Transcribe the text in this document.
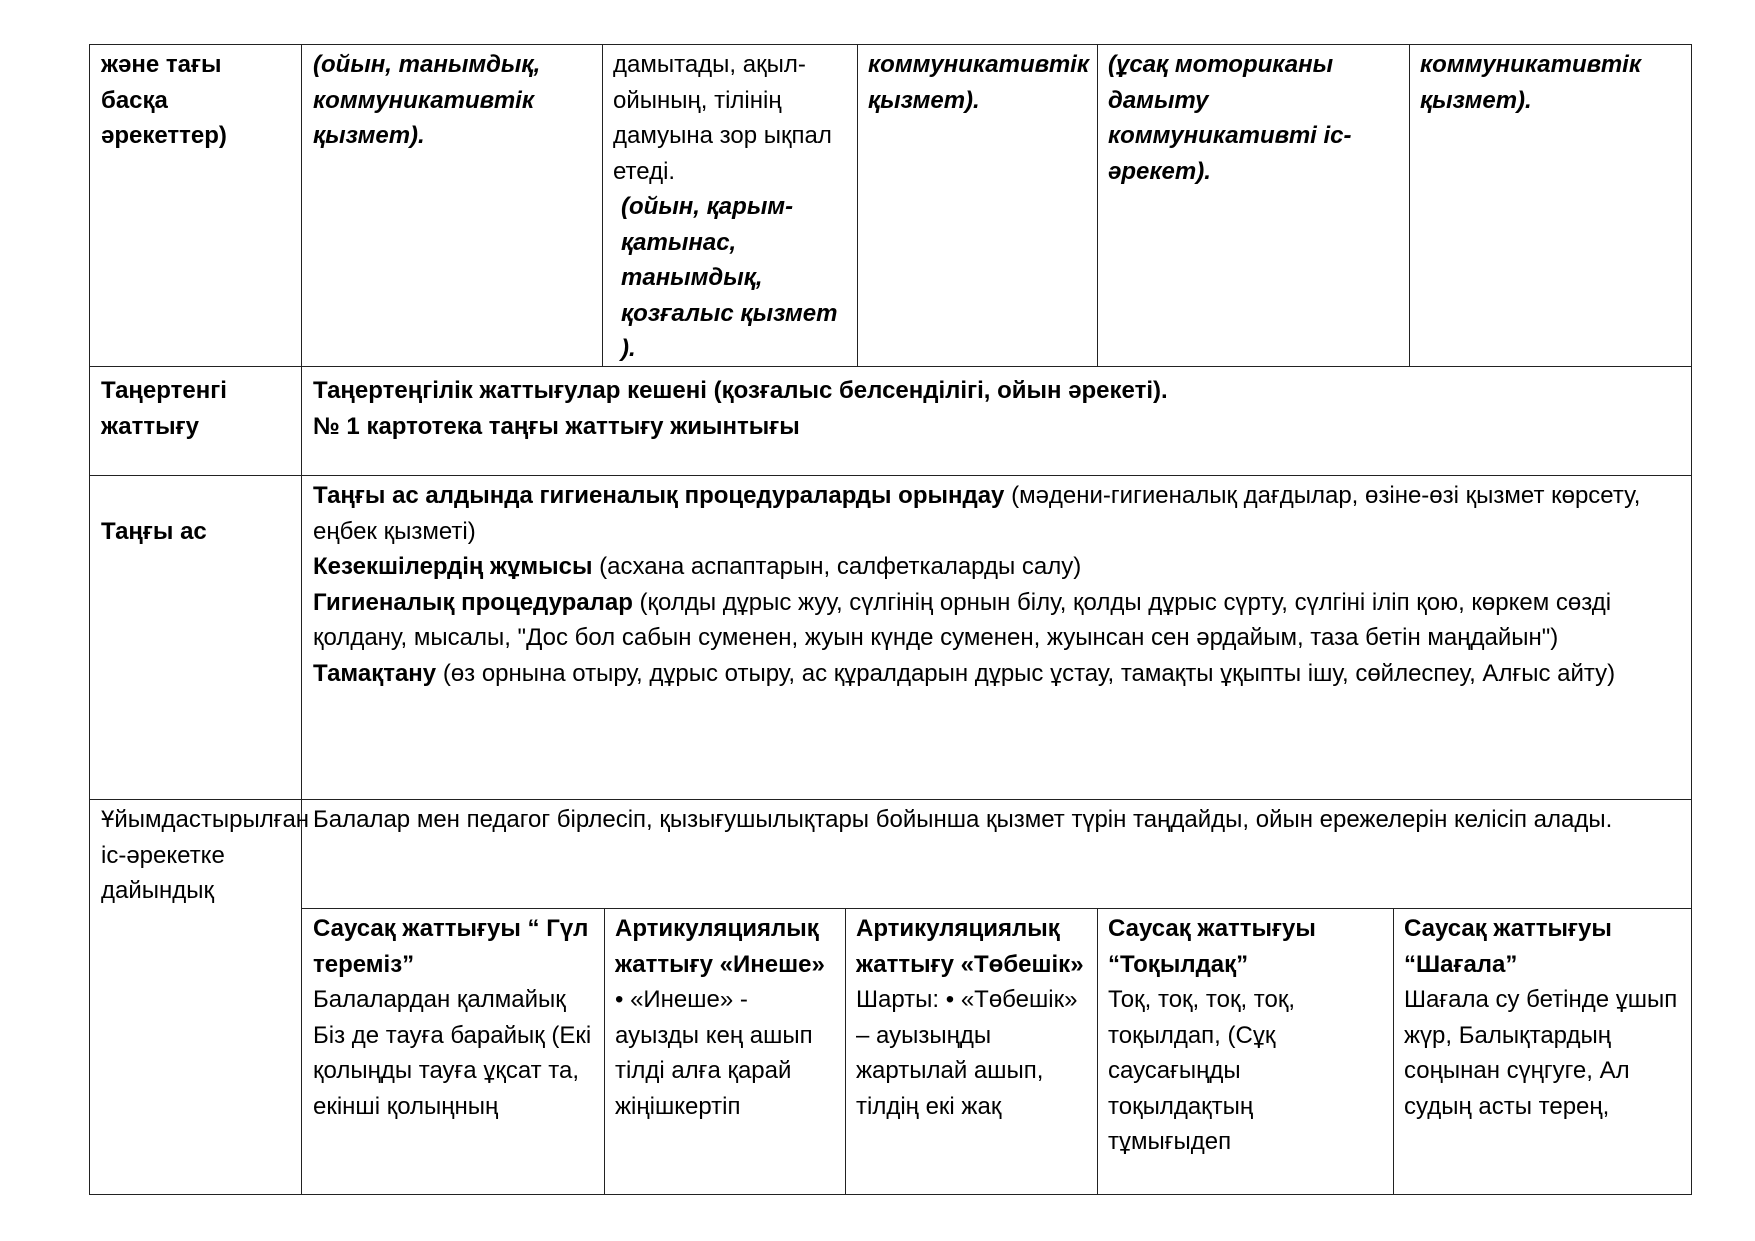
және тағы басқа әрекеттер)
(ойын, танымдық, коммуникативтік қызмет).
дамытады, ақыл-ойының, тілінің дамуына зор ықпал етеді.
(ойын, қарым-қатынас, танымдық, қозғалыс қызмет ).
коммуникативтік қызмет).
(ұсақ моториканы дамыту коммуникативті іс-әрекет).
коммуникативтік қызмет).
Таңертенгі жаттығу
Таңертеңгілік жаттығулар кешені (қозғалыс белсенділігі, ойын әрекеті).
№ 1 картотека таңғы жаттығу жиынтығы
Таңғы ас
Таңғы ас алдында гигиеналық процедураларды орындау (мәдени-гигиеналық дағдылар, өзіне-өзі қызмет көрсету, еңбек қызметі)
Кезекшілердің жұмысы (асхана аспаптарын, салфеткаларды салу)
Гигиеналық процедуралар (қолды дұрыс жуу, сүлгінің орнын білу, қолды дұрыс сүрту, сүлгіні іліп қою, көркем сөзді қолдану, мысалы, "Дос бол сабын суменен, жуын күнде суменен, жуынсан сен әрдайым, таза бетін маңдайын")
Тамақтану (өз орнына отыру, дұрыс отыру, ас құралдарын дұрыс ұстау, тамақты ұқыпты ішу, сөйлеспеу, Алғыс айту)
Ұйымдастырылған іс-әрекетке дайындық
Балалар мен педагог бірлесіп, қызығушылықтары бойынша қызмет түрін таңдайды, ойын ережелерін келісіп алады.
Саусақ жаттығуы “ Гүл тереміз”
Балалардан қалмайық Біз де тауға барайық (Екі қолыңды тауға ұқсат та, екінші қолыңның
Артикуляциялық жаттығу «Инеше»
• «Инеше» - ауызды кең ашып тілді алға қарай жіңішкертіп
Артикуляциялық жаттығу «Төбешік»
Шарты: • «Төбешік» – ауызыңды жартылай ашып, тілдің екі жақ
Саусақ жаттығуы “Тоқылдақ”
Тоқ, тоқ, тоқ, тоқ, тоқылдап, (Сұқ саусағыңды тоқылдақтың тұмығыдеп
Саусақ жаттығуы “Шағала”
Шағала су бетінде ұшып жүр, Балықтардың соңынан сүңгуге, Ал судың асты терең,
